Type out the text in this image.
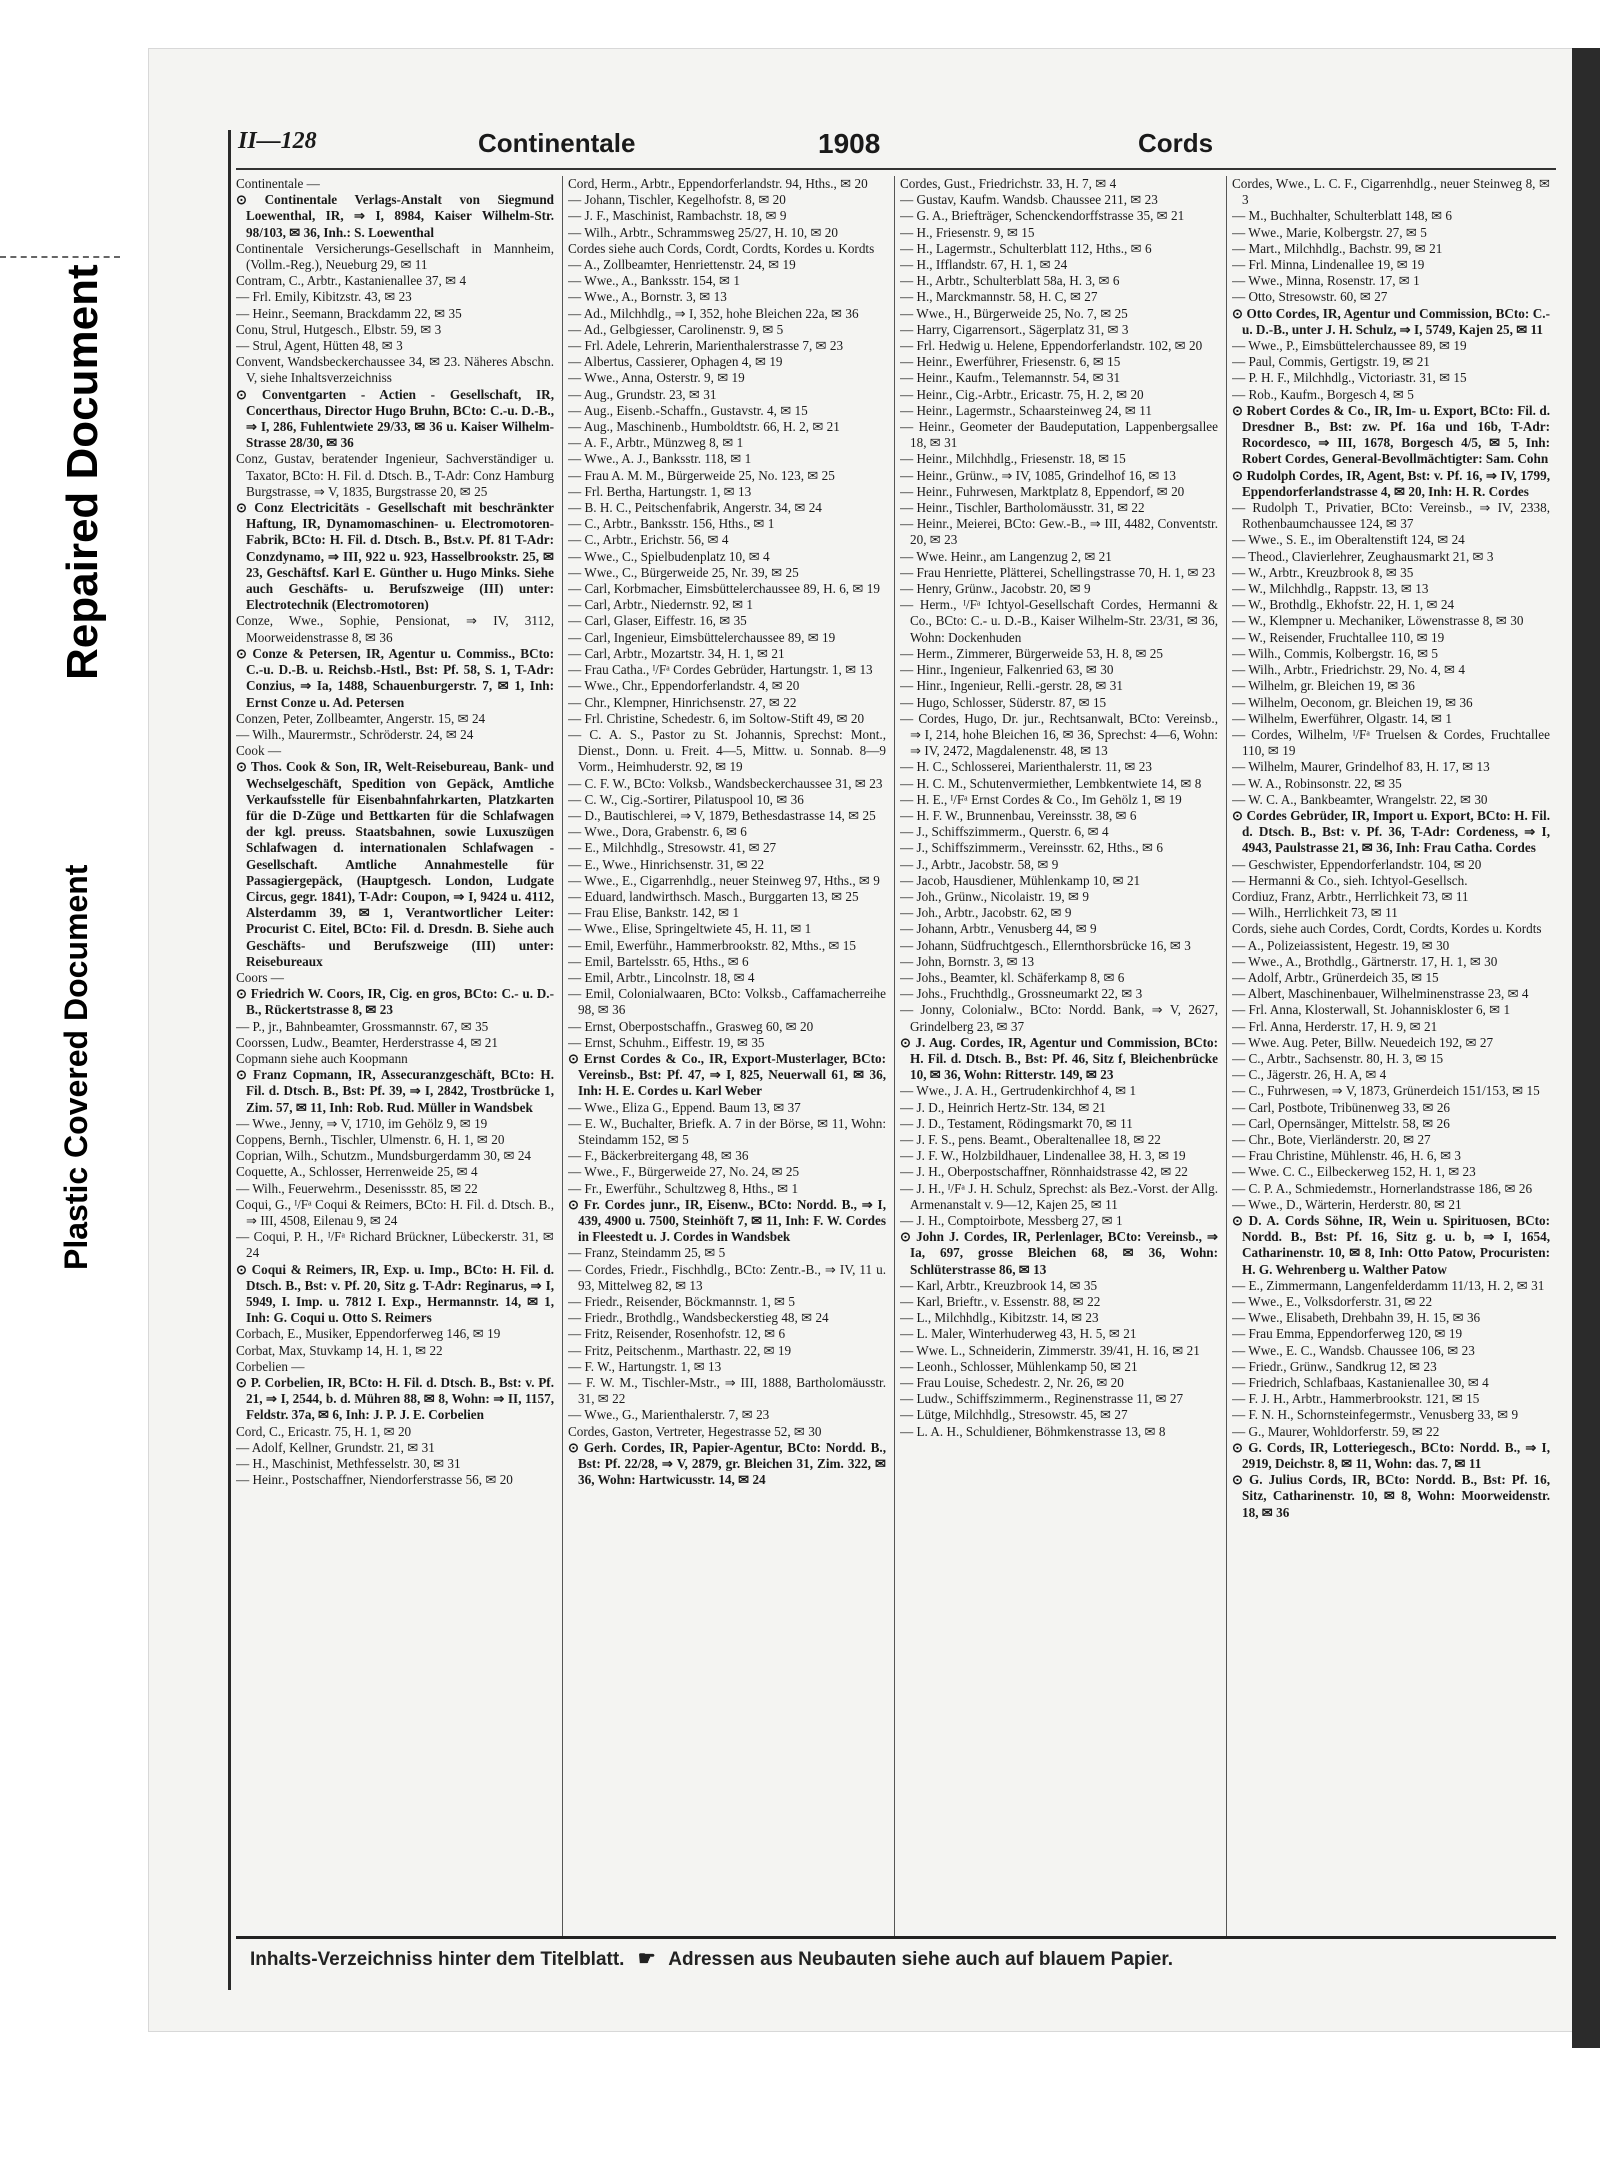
Repaired Document
Plastic Covered Document
II—128	Continentale	1908	Cords

Continentale —

⊙ Continentale Verlags-Anstalt von Siegmund Loewenthal, IR, ⇒ I, 8984, Kaiser Wilhelm-Str. 98/103, ✉ 36, Inh.: S. Loewenthal

Continentale Versicherungs-Gesellschaft in Mannheim, (Vollm.-Reg.), Neueburg 29, ✉ 11

Contram, C., Arbtr., Kastanienallee 37, ✉ 4

— Frl. Emily, Kibitzstr. 43, ✉ 23

— Heinr., Seemann, Brackdamm 22, ✉ 35

Conu, Strul, Hutgesch., Elbstr. 59, ✉ 3

— Strul, Agent, Hütten 48, ✉ 3

Convent, Wandsbeckerchaussee 34, ✉ 23. Näheres Abschn. V, siehe Inhaltsverzeichniss

⊙ Conventgarten - Actien - Gesellschaft, IR, Concerthaus, Director Hugo Bruhn, BCto: C.-u. D.-B., ⇒ I, 286, Fuhlentwiete 29/33, ✉ 36 u. Kaiser Wilhelm-Strasse 28/30, ✉ 36

Conz, Gustav, beratender Ingenieur, Sachverständiger u. Taxator, BCto: H. Fil. d. Dtsch. B., T-Adr: Conz Hamburg Burgstrasse, ⇒ V, 1835, Burgstrasse 20, ✉ 25

⊙ Conz Electricitäts - Gesellschaft mit beschränkter Haftung, IR, Dynamomaschinen- u. Electromotoren-Fabrik, BCto: H. Fil. d. Dtsch. B., Bst.v. Pf. 81 T-Adr: Conzdynamo, ⇒ III, 922 u. 923, Hasselbrookstr. 25, ✉ 23, Geschäftsf. Karl E. Günther u. Hugo Minks. Siehe auch Geschäfts- u. Berufszweige (III) unter: Electrotechnik (Electromotoren)

Conze, Wwe., Sophie, Pensionat, ⇒ IV, 3112, Moorweidenstrasse 8, ✉ 36

⊙ Conze & Petersen, IR, Agentur u. Commiss., BCto: C.-u. D.-B. u. Reichsb.-Hstl., Bst: Pf. 58, S. 1, T-Adr: Conzius, ⇒ Ia, 1488, Schauenburgerstr. 7, ✉ 1, Inh: Ernst Conze u. Ad. Petersen

Conzen, Peter, Zollbeamter, Angerstr. 15, ✉ 24

— Wilh., Maurermstr., Schröderstr. 24, ✉ 24

Cook —

⊙ Thos. Cook & Son, IR, Welt-Reisebureau, Bank- und Wechselgeschäft, Spedition von Gepäck, Amtliche Verkaufsstelle für Eisenbahnfahrkarten, Platzkarten für die D-Züge und Bettkarten für die Schlafwagen der kgl. preuss. Staatsbahnen, sowie Luxuszügen Schlafwagen d. internationalen Schlafwagen - Gesellschaft. Amtliche Annahmestelle für Passagiergepäck, (Hauptgesch. London, Ludgate Circus, gegr. 1841), T-Adr: Coupon, ⇒ I, 9424 u. 4112, Alsterdamm 39, ✉ 1, Verantwortlicher Leiter: Procurist C. Eitel, BCto: Fil. d. Dresdn. B. Siehe auch Geschäfts- und Berufszweige (III) unter: Reisebureaux

Coors —

⊙ Friedrich W. Coors, IR, Cig. en gros, BCto: C.- u. D.-B., Rückertstrasse 8, ✉ 23

— P., jr., Bahnbeamter, Grossmannstr. 67, ✉ 35

Coorssen, Ludw., Beamter, Herderstrasse 4, ✉ 21

Copmann siehe auch Koopmann

⊙ Franz Copmann, IR, Assecuranzgeschäft, BCto: H. Fil. d. Dtsch. B., Bst: Pf. 39, ⇒ I, 2842, Trostbrücke 1, Zim. 57, ✉ 11, Inh: Rob. Rud. Müller in Wandsbek

— Wwe., Jenny, ⇒ V, 1710, im Gehölz 9, ✉ 19

Coppens, Bernh., Tischler, Ulmenstr. 6, H. 1, ✉ 20

Coprian, Wilh., Schutzm., Mundsburgerdamm 30, ✉ 24

Coquette, A., Schlosser, Herrenweide 25, ✉ 4

— Wilh., Feuerwehrm., Desenissstr. 85, ✉ 22

Coqui, G., ᴵ/Fᵃ Coqui & Reimers, BCto: H. Fil. d. Dtsch. B., ⇒ III, 4508, Eilenau 9, ✉ 24

— Coqui, P. H., ᴵ/Fᵃ Richard Brückner, Lübeckerstr. 31, ✉ 24

⊙ Coqui & Reimers, IR, Exp. u. Imp., BCto: H. Fil. d. Dtsch. B., Bst: v. Pf. 20, Sitz g. T-Adr: Reginarus, ⇒ I, 5949, I. Imp. u. 7812 I. Exp., Hermannstr. 14, ✉ 1, Inh: G. Coqui u. Otto S. Reimers

Corbach, E., Musiker, Eppendorferweg 146, ✉ 19

Corbat, Max, Stuvkamp 14, H. 1, ✉ 22

Corbelien —

⊙ P. Corbelien, IR, BCto: H. Fil. d. Dtsch. B., Bst: v. Pf. 21, ⇒ I, 2544, b. d. Mühren 88, ✉ 8, Wohn: ⇒ II, 1157, Feldstr. 37a, ✉ 6, Inh: J. P. J. E. Corbelien

Cord, C., Ericastr. 75, H. 1, ✉ 20

— Adolf, Kellner, Grundstr. 21, ✉ 31

— H., Maschinist, Methfesselstr. 30, ✉ 31

— Heinr., Postschaffner, Niendorferstrasse 56, ✉ 20

Cord, Herm., Arbtr., Eppendorferlandstr. 94, Hths., ✉ 20

— Johann, Tischler, Kegelhofstr. 8, ✉ 20

— J. F., Maschinist, Rambachstr. 18, ✉ 9

— Wilh., Arbtr., Schrammsweg 25/27, H. 10, ✉ 20

Cordes siehe auch Cords, Cordt, Cordts, Kordes u. Kordts

— A., Zollbeamter, Henriettenstr. 24, ✉ 19

— Wwe., A., Banksstr. 154, ✉ 1

— Wwe., A., Bornstr. 3, ✉ 13

— Ad., Milchhdlg., ⇒ I, 352, hohe Bleichen 22a, ✉ 36

— Ad., Gelbgiesser, Carolinenstr. 9, ✉ 5

— Frl. Adele, Lehrerin, Marienthalerstrasse 7, ✉ 23

— Albertus, Cassierer, Ophagen 4, ✉ 19

— Wwe., Anna, Osterstr. 9, ✉ 19

— Aug., Grundstr. 23, ✉ 31

— Aug., Eisenb.-Schaffn., Gustavstr. 4, ✉ 15

— Aug., Maschinenb., Humboldtstr. 66, H. 2, ✉ 21

— A. F., Arbtr., Münzweg 8, ✉ 1

— Wwe., A. J., Banksstr. 118, ✉ 1

— Frau A. M. M., Bürgerweide 25, No. 123, ✉ 25

— Frl. Bertha, Hartungstr. 1, ✉ 13

— B. H. C., Peitschenfabrik, Angerstr. 34, ✉ 24

— C., Arbtr., Banksstr. 156, Hths., ✉ 1

— C., Arbtr., Erichstr. 56, ✉ 4

— Wwe., C., Spielbudenplatz 10, ✉ 4

— Wwe., C., Bürgerweide 25, Nr. 39, ✉ 25

— Carl, Korbmacher, Eimsbüttelerchaussee 89, H. 6, ✉ 19

— Carl, Arbtr., Niedernstr. 92, ✉ 1

— Carl, Glaser, Eiffestr. 16, ✉ 35

— Carl, Ingenieur, Eimsbüttelerchaussee 89, ✉ 19

— Carl, Arbtr., Mozartstr. 34, H. 1, ✉ 21

— Frau Catha., ᴵ/Fᵃ Cordes Gebrüder, Hartungstr. 1, ✉ 13

— Wwe., Chr., Eppendorferlandstr. 4, ✉ 20

— Chr., Klempner, Hinrichsenstr. 27, ✉ 22

— Frl. Christine, Schedestr. 6, im Soltow-Stift 49, ✉ 20

— C. A. S., Pastor zu St. Johannis, Sprechst: Mont., Dienst., Donn. u. Freit. 4—5, Mittw. u. Sonnab. 8—9 Vorm., Heimhuderstr. 92, ✉ 19

— C. F. W., BCto: Volksb., Wandsbeckerchaussee 31, ✉ 23

— C. W., Cig.-Sortirer, Pilatuspool 10, ✉ 36

— D., Bautischlerei, ⇒ V, 1879, Bethesdastrasse 14, ✉ 25

— Wwe., Dora, Grabenstr. 6, ✉ 6

— E., Milchhdlg., Stresowstr. 41, ✉ 27

— E., Wwe., Hinrichsenstr. 31, ✉ 22

— Wwe., E., Cigarrenhdlg., neuer Steinweg 97, Hths., ✉ 9

— Eduard, landwirthsch. Masch., Burggarten 13, ✉ 25

— Frau Elise, Bankstr. 142, ✉ 1

— Wwe., Elise, Springeltwiete 45, H. 11, ✉ 1

— Emil, Ewerführ., Hammerbrookstr. 82, Mths., ✉ 15

— Emil, Bartelsstr. 65, Hths., ✉ 6

— Emil, Arbtr., Lincolnstr. 18, ✉ 4

— Emil, Colonialwaaren, BCto: Volksb., Caffamacherreihe 98, ✉ 36

— Ernst, Oberpostschaffn., Grasweg 60, ✉ 20

— Ernst, Schuhm., Eiffestr. 19, ✉ 35

⊙ Ernst Cordes & Co., IR, Export-Musterlager, BCto: Vereinsb., Bst: Pf. 47, ⇒ I, 825, Neuerwall 61, ✉ 36, Inh: H. E. Cordes u. Karl Weber

— Wwe., Eliza G., Eppend. Baum 13, ✉ 37

— E. W., Buchalter, Briefk. A. 7 in der Börse, ✉ 11, Wohn: Steindamm 152, ✉ 5

— F., Bäckerbreitergang 48, ✉ 36

— Wwe., F., Bürgerweide 27, No. 24, ✉ 25

— Fr., Ewerführ., Schultzweg 8, Hths., ✉ 1

⊙ Fr. Cordes junr., IR, Eisenw., BCto: Nordd. B., ⇒ I, 439, 4900 u. 7500, Steinhöft 7, ✉ 11, Inh: F. W. Cordes in Fleestedt u. J. Cordes in Wandsbek

— Franz, Steindamm 25, ✉ 5

— Cordes, Friedr., Fischhdlg., BCto: Zentr.-B., ⇒ IV, 11 u. 93, Mittelweg 82, ✉ 13

— Friedr., Reisender, Böckmannstr. 1, ✉ 5

— Friedr., Brothdlg., Wandsbeckerstieg 48, ✉ 24

— Fritz, Reisender, Rosenhofstr. 12, ✉ 6

— Fritz, Peitschenm., Marthastr. 22, ✉ 19

— F. W., Hartungstr. 1, ✉ 13

— F. W. M., Tischler-Mstr., ⇒ III, 1888, Bartholomäusstr. 31, ✉ 22

— Wwe., G., Marienthalerstr. 7, ✉ 23

Cordes, Gaston, Vertreter, Hegestrasse 52, ✉ 30

⊙ Gerh. Cordes, IR, Papier-Agentur, BCto: Nordd. B., Bst: Pf. 22/28, ⇒ V, 2879, gr. Bleichen 31, Zim. 322, ✉ 36, Wohn: Hartwicusstr. 14, ✉ 24

Cordes, Gust., Friedrichstr. 33, H. 7, ✉ 4

— Gustav, Kaufm. Wandsb. Chaussee 211, ✉ 23

— G. A., Briefträger, Schenckendorffstrasse 35, ✉ 21

— H., Friesenstr. 9, ✉ 15

— H., Lagermstr., Schulterblatt 112, Hths., ✉ 6

— H., Ifflandstr. 67, H. 1, ✉ 24

— H., Arbtr., Schulterblatt 58a, H. 3, ✉ 6

— H., Marckmannstr. 58, H. C, ✉ 27

— Wwe., H., Bürgerweide 25, No. 7, ✉ 25

— Harry, Cigarrensort., Sägerplatz 31, ✉ 3

— Frl. Hedwig u. Helene, Eppendorferlandstr. 102, ✉ 20

— Heinr., Ewerführer, Friesenstr. 6, ✉ 15

— Heinr., Kaufm., Telemannstr. 54, ✉ 31

— Heinr., Cig.-Arbtr., Ericastr. 75, H. 2, ✉ 20

— Heinr., Lagermstr., Schaarsteinweg 24, ✉ 11

— Heinr., Geometer der Baudeputation, Lappenbergsallee 18, ✉ 31

— Heinr., Milchhdlg., Friesenstr. 18, ✉ 15

— Heinr., Grünw., ⇒ IV, 1085, Grindelhof 16, ✉ 13

— Heinr., Fuhrwesen, Marktplatz 8, Eppendorf, ✉ 20

— Heinr., Tischler, Bartholomäusstr. 31, ✉ 22

— Heinr., Meierei, BCto: Gew.-B., ⇒ III, 4482, Conventstr. 20, ✉ 23

— Wwe. Heinr., am Langenzug 2, ✉ 21

— Frau Henriette, Plätterei, Schellingstrasse 70, H. 1, ✉ 23

— Henry, Grünw., Jacobstr. 20, ✉ 9

— Herm., ᴵ/Fᵃ Ichtyol-Gesellschaft Cordes, Hermanni & Co., BCto: C.- u. D.-B., Kaiser Wilhelm-Str. 23/31, ✉ 36, Wohn: Dockenhuden

— Herm., Zimmerer, Bürgerweide 53, H. 8, ✉ 25

— Hinr., Ingenieur, Falkenried 63, ✉ 30

— Hinr., Ingenieur, Relli.-gerstr. 28, ✉ 31

— Hugo, Schlosser, Süderstr. 87, ✉ 15

— Cordes, Hugo, Dr. jur., Rechtsanwalt, BCto: Vereinsb., ⇒ I, 214, hohe Bleichen 16, ✉ 36, Sprechst: 4—6, Wohn: ⇒ IV, 2472, Magdalenenstr. 48, ✉ 13

— H. C., Schlosserei, Marienthalerstr. 11, ✉ 23

— H. C. M., Schutenvermiether, Lembkentwiete 14, ✉ 8

— H. E., ᴵ/Fᵃ Ernst Cordes & Co., Im Gehölz 1, ✉ 19

— H. F. W., Brunnenbau, Vereinsstr. 38, ✉ 6

— J., Schiffszimmerm., Querstr. 6, ✉ 4

— J., Schiffszimmerm., Vereinsstr. 62, Hths., ✉ 6

— J., Arbtr., Jacobstr. 58, ✉ 9

— Jacob, Hausdiener, Mühlenkamp 10, ✉ 21

— Joh., Grünw., Nicolaistr. 19, ✉ 9

— Joh., Arbtr., Jacobstr. 62, ✉ 9

— Johann, Arbtr., Venusberg 44, ✉ 9

— Johann, Südfruchtgesch., Ellernthorsbrücke 16, ✉ 3

— John, Bornstr. 3, ✉ 13

— Johs., Beamter, kl. Schäferkamp 8, ✉ 6

— Johs., Fruchthdlg., Grossneumarkt 22, ✉ 3

— Jonny, Colonialw., BCto: Nordd. Bank, ⇒ V, 2627, Grindelberg 23, ✉ 37

⊙ J. Aug. Cordes, IR, Agentur und Commission, BCto: H. Fil. d. Dtsch. B., Bst: Pf. 46, Sitz f, Bleichenbrücke 10, ✉ 36, Wohn: Ritterstr. 149, ✉ 23

— Wwe., J. A. H., Gertrudenkirchhof 4, ✉ 1

— J. D., Heinrich Hertz-Str. 134, ✉ 21

— J. D., Testament, Rödingsmarkt 70, ✉ 11

— J. F. S., pens. Beamt., Oberaltenallee 18, ✉ 22

— J. F. W., Holzbildhauer, Lindenallee 38, H. 3, ✉ 19

— J. H., Oberpostschaffner, Rönnhaidstrasse 42, ✉ 22

— J. H., ᴵ/Fᵃ J. H. Schulz, Sprechst: als Bez.-Vorst. der Allg. Armenanstalt v. 9—12, Kajen 25, ✉ 11

— J. H., Comptoirbote, Messberg 27, ✉ 1

⊙ John J. Cordes, IR, Perlenlager, BCto: Vereinsb., ⇒ Ia, 697, grosse Bleichen 68, ✉ 36, Wohn: Schlüterstrasse 86, ✉ 13

— Karl, Arbtr., Kreuzbrook 14, ✉ 35

— Karl, Brieftr., v. Essenstr. 88, ✉ 22

— L., Milchhdlg., Kibitzstr. 14, ✉ 23

— L. Maler, Winterhuderweg 43, H. 5, ✉ 21

— Wwe. L., Schneiderin, Zimmerstr. 39/41, H. 16, ✉ 21

— Leonh., Schlosser, Mühlenkamp 50, ✉ 21

— Frau Louise, Schedestr. 2, Nr. 26, ✉ 20

— Ludw., Schiffszimmerm., Reginenstrasse 11, ✉ 27

— Lütge, Milchhdlg., Stresowstr. 45, ✉ 27

— L. A. H., Schuldiener, Böhmkenstrasse 13, ✉ 8

Cordes, Wwe., L. C. F., Cigarrenhdlg., neuer Steinweg 8, ✉ 3

— M., Buchhalter, Schulterblatt 148, ✉ 6

— Wwe., Marie, Kolbergstr. 27, ✉ 5

— Mart., Milchhdlg., Bachstr. 99, ✉ 21

— Frl. Minna, Lindenallee 19, ✉ 19

— Wwe., Minna, Rosenstr. 17, ✉ 1

— Otto, Stresowstr. 60, ✉ 27

⊙ Otto Cordes, IR, Agentur und Commission, BCto: C.- u. D.-B., unter J. H. Schulz, ⇒ I, 5749, Kajen 25, ✉ 11

— Wwe., P., Eimsbüttelerchaussee 89, ✉ 19

— Paul, Commis, Gertigstr. 19, ✉ 21

— P. H. F., Milchhdlg., Victoriastr. 31, ✉ 15

— Rob., Kaufm., Borgesch 4, ✉ 5

⊙ Robert Cordes & Co., IR, Im- u. Export, BCto: Fil. d. Dresdner B., Bst: zw. Pf. 16a und 16b, T-Adr: Rocordesco, ⇒ III, 1678, Borgesch 4/5, ✉ 5, Inh: Robert Cordes, General-Bevollmächtigter: Sam. Cohn

⊙ Rudolph Cordes, IR, Agent, Bst: v. Pf. 16, ⇒ IV, 1799, Eppendorferlandstrasse 4, ✉ 20, Inh: H. R. Cordes

— Rudolph T., Privatier, BCto: Vereinsb., ⇒ IV, 2338, Rothenbaumchaussee 124, ✉ 37

— Wwe., S. E., im Oberaltenstift 124, ✉ 24

— Theod., Clavierlehrer, Zeughausmarkt 21, ✉ 3

— W., Arbtr., Kreuzbrook 8, ✉ 35

— W., Milchhdlg., Rappstr. 13, ✉ 13

— W., Brothdlg., Ekhofstr. 22, H. 1, ✉ 24

— W., Klempner u. Mechaniker, Löwenstrasse 8, ✉ 30

— W., Reisender, Fruchtallee 110, ✉ 19

— Wilh., Commis, Kolbergstr. 16, ✉ 5

— Wilh., Arbtr., Friedrichstr. 29, No. 4, ✉ 4

— Wilhelm, gr. Bleichen 19, ✉ 36

— Wilhelm, Oeconom, gr. Bleichen 19, ✉ 36

— Wilhelm, Ewerführer, Olgastr. 14, ✉ 1

— Cordes, Wilhelm, ᴵ/Fᵃ Truelsen & Cordes, Fruchtallee 110, ✉ 19

— Wilhelm, Maurer, Grindelhof 83, H. 17, ✉ 13

— W. A., Robinsonstr. 22, ✉ 35

— W. C. A., Bankbeamter, Wrangelstr. 22, ✉ 30

⊙ Cordes Gebrüder, IR, Import u. Export, BCto: H. Fil. d. Dtsch. B., Bst: v. Pf. 36, T-Adr: Cordeness, ⇒ I, 4943, Paulstrasse 21, ✉ 36, Inh: Frau Catha. Cordes

— Geschwister, Eppendorferlandstr. 104, ✉ 20

— Hermanni & Co., sieh. Ichtyol-Gesellsch.

Cordiuz, Franz, Arbtr., Herrlichkeit 73, ✉ 11

— Wilh., Herrlichkeit 73, ✉ 11

Cords, siehe auch Cordes, Cordt, Cordts, Kordes u. Kordts

— A., Polizeiassistent, Hegestr. 19, ✉ 30

— Wwe., A., Brothdlg., Gärtnerstr. 17, H. 1, ✉ 30

— Adolf, Arbtr., Grünerdeich 35, ✉ 15

— Albert, Maschinenbauer, Wilhelminenstrasse 23, ✉ 4

— Frl. Anna, Klosterwall, St. Johanniskloster 6, ✉ 1

— Frl. Anna, Herderstr. 17, H. 9, ✉ 21

— Wwe. Aug. Peter, Billw. Neuedeich 192, ✉ 27

— C., Arbtr., Sachsenstr. 80, H. 3, ✉ 15

— C., Jägerstr. 26, H. A, ✉ 4

— C., Fuhrwesen, ⇒ V, 1873, Grünerdeich 151/153, ✉ 15

— Carl, Postbote, Tribünenweg 33, ✉ 26

— Carl, Opernsänger, Mittelstr. 58, ✉ 26

— Chr., Bote, Vierländerstr. 20, ✉ 27

— Frau Christine, Mühlenstr. 46, H. 6, ✉ 3

— Wwe. C. C., Eilbeckerweg 152, H. 1, ✉ 23

— C. P. A., Schmiedemstr., Hornerlandstrasse 186, ✉ 26

— Wwe., D., Wärterin, Herderstr. 80, ✉ 21

⊙ D. A. Cords Söhne, IR, Wein u. Spirituosen, BCto: Nordd. B., Bst: Pf. 16, Sitz g. u. b, ⇒ I, 1654, Catharinenstr. 10, ✉ 8, Inh: Otto Patow, Procuristen: H. G. Wehrenberg u. Walther Patow

— E., Zimmermann, Langenfelderdamm 11/13, H. 2, ✉ 31

— Wwe., E., Volksdorferstr. 31, ✉ 22

— Wwe., Elisabeth, Drehbahn 39, H. 15, ✉ 36

— Frau Emma, Eppendorferweg 120, ✉ 19

— Wwe., E. C., Wandsb. Chaussee 106, ✉ 23

— Friedr., Grünw., Sandkrug 12, ✉ 23

— Friedrich, Schlafbaas, Kastanienallee 30, ✉ 4

— F. J. H., Arbtr., Hammerbrookstr. 121, ✉ 15

— F. N. H., Schornsteinfegermstr., Venusberg 33, ✉ 9

— G., Maurer, Wohldorferstr. 59, ✉ 22

⊙ G. Cords, IR, Lotteriegesch., BCto: Nordd. B., ⇒ I, 2919, Deichstr. 8, ✉ 11, Wohn: das. 7, ✉ 11

⊙ G. Julius Cords, IR, BCto: Nordd. B., Bst: Pf. 16, Sitz, Catharinenstr. 10, ✉ 8, Wohn: Moorweidenstr. 18, ✉ 36

Inhalts-Verzeichniss hinter dem Titelblatt. ☛ Adressen aus Neubauten siehe auch auf blauem Papier.
